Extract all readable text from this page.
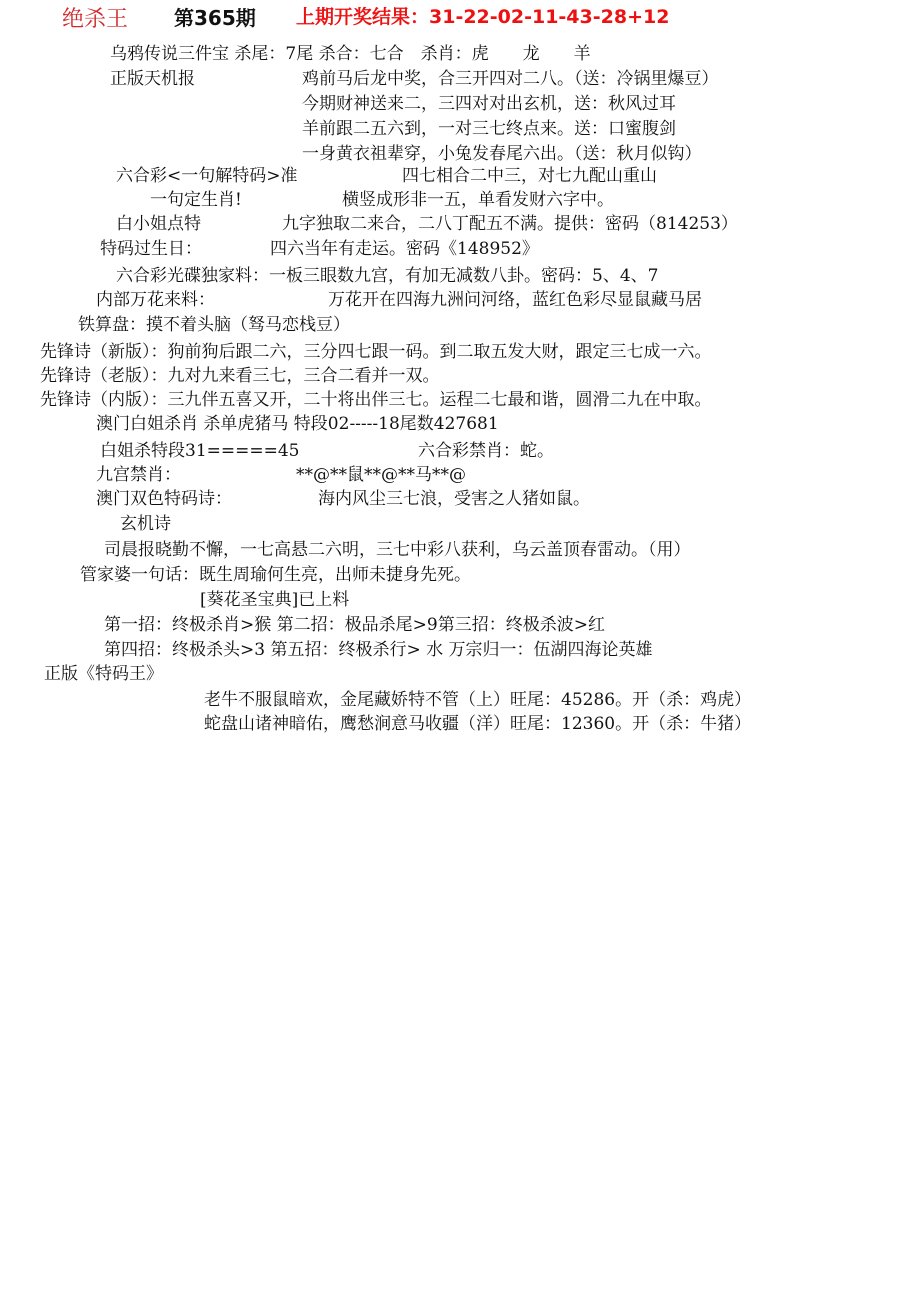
绝杀王 第365期 上期开奖结果：31-22-02-11-43-28+12
乌鸦传说三件宝 杀尾：7尾 杀合：七合　杀肖：虎　　龙　　羊
正版天机报	鸡前马后龙中奖，合三开四对二八。（送：冷锅里爆豆）
今期财神送来二，三四对对出玄机，送：秋风过耳
羊前跟二五六到，一对三七终点来。送：口蜜腹剑
一身黄衣祖辈穿，小兔发春尾六出。（送：秋月似钩）
六合彩<一句解特码>准	四七相合二中三，对七九配山重山
一句定生肖!	横竖成形非一五，单看发财六字中。
白小姐点特	九字独取二来合，二八丁配五不满。提供：密码（814253）
特码过生日：	四六当年有走运。密码《148952》
六合彩光碟独家料：一板三眼数九宫，有加无减数八卦。密码：5、4、7
内部万花来料：	万花开在四海九洲问河络，蓝红色彩尽显鼠藏马居
铁算盘：摸不着头脑（驽马恋栈豆）
先锋诗（新版）：狗前狗后跟二六，三分四七跟一码。到二取五发大财，跟定三七成一六。
先锋诗（老版）：九对九来看三七，三合二看并一双。
先锋诗（内版）：三九伴五喜又开，二十将出伴三七。运程二七最和谐，圆滑二九在中取。
澳门白姐杀肖 杀单虎猪马 特段02-----18尾数427681
白姐杀特段31=====45	六合彩禁肖：蛇。
九宫禁肖：	**@**鼠**@**马**@
澳门双色特码诗：	海内风尘三七浪，受害之人猪如鼠。
玄机诗
司晨报晓勤不懈，一七高悬二六明，三七中彩八获利，乌云盖顶春雷动。（用）
管家婆一句话：既生周瑜何生亮，出师未捷身先死。
[葵花圣宝典]已上料
第一招：终极杀肖>猴 第二招：极品杀尾>9第三招：终极杀波>红
第四招：终极杀头>3 第五招：终极杀行> 水 万宗归一：伍湖四海论英雄
正版《特码王》
老牛不服鼠暗欢，金尾藏娇特不管（上）旺尾：45286。开（杀：鸡虎）
蛇盘山诸神暗佑，鹰愁涧意马收疆（洋）旺尾：12360。开（杀：牛猪）
